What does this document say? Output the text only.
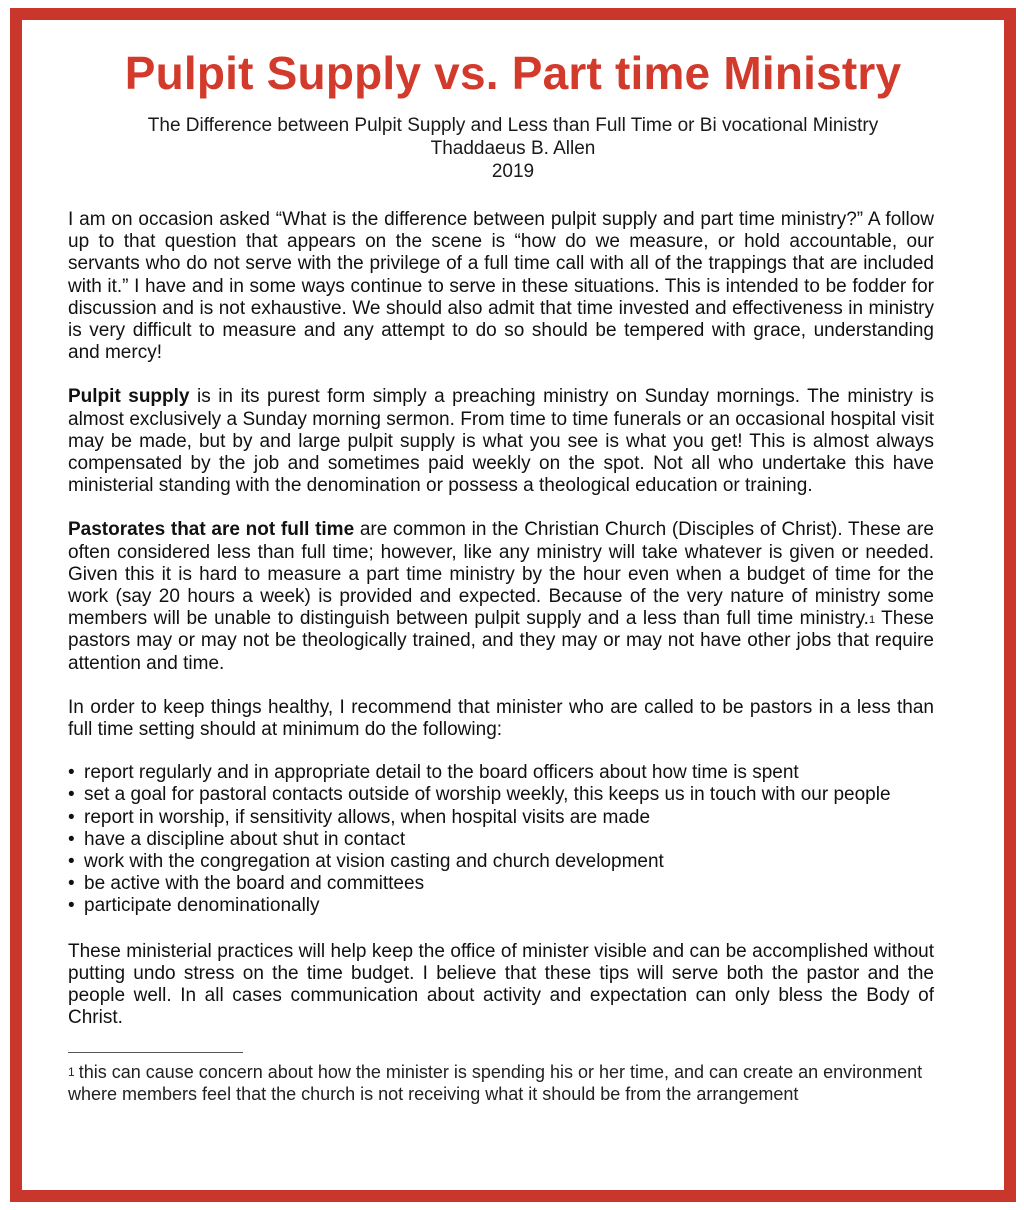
Pulpit Supply vs. Part time Ministry
The Difference between Pulpit Supply and Less than Full Time or Bi vocational Ministry
Thaddaeus B. Allen
2019

I am on occasion asked “What is the difference between pulpit supply and part time ministry?” A follow up to that question that appears on the scene is “how do we measure, or hold accountable, our servants who do not serve with the privilege of a full time call with all of the trappings that are included with it.” I have and in some ways continue to serve in these situations. This is intended to be fodder for discussion and is not exhaustive. We should also admit that time invested and effectiveness in ministry is very difficult to measure and any attempt to do so should be tempered with grace, understanding and mercy!

Pulpit supply is in its purest form simply a preaching ministry on Sunday mornings. The ministry is almost exclusively a Sunday morning sermon. From time to time funerals or an occasional hospital visit may be made, but by and large pulpit supply is what you see is what you get! This is almost always compensated by the job and sometimes paid weekly on the spot. Not all who undertake this have ministerial standing with the denomination or possess a theological education or training.

Pastorates that are not full time are common in the Christian Church (Disciples of Christ). These are often considered less than full time; however, like any ministry will take whatever is given or needed. Given this it is hard to measure a part time ministry by the hour even when a budget of time for the work (say 20 hours a week) is provided and expected. Because of the very nature of ministry some members will be unable to distinguish between pulpit supply and a less than full time ministry.$^1$ These pastors may or may not be theologically trained, and they may or may not have other jobs that require attention and time.

In order to keep things healthy, I recommend that minister who are called to be pastors in a less than full time setting should at minimum do the following:

• report regularly and in appropriate detail to the board officers about how time is spent
• set a goal for pastoral contacts outside of worship weekly, this keeps us in touch with our people
• report in worship, if sensitivity allows, when hospital visits are made
• have a discipline about shut in contact
• work with the congregation at vision casting and church development
• be active with the board and committees
• participate denominationally

These ministerial practices will help keep the office of minister visible and can be accomplished without putting undo stress on the time budget. I believe that these tips will serve both the pastor and the people well. In all cases communication about activity and expectation can only bless the Body of Christ.

$^1$ this can cause concern about how the minister is spending his or her time, and can create an environment where members feel that the church is not receiving what it should be from the arrangement
